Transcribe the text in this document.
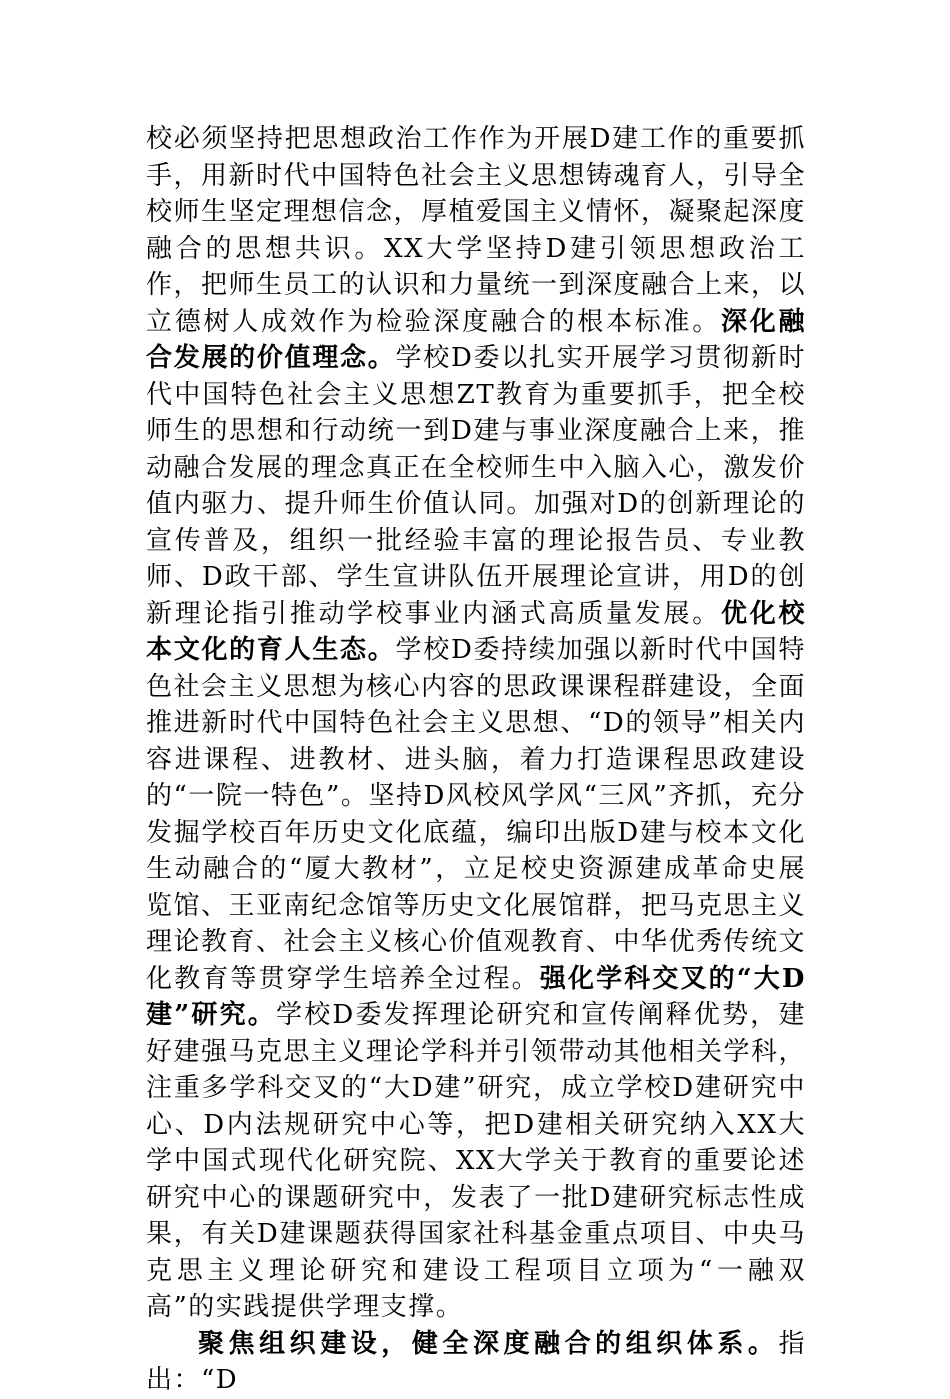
校必须坚持把思想政治工作作为开展D建工作的重要抓手，用新时代中国特色社会主义思想铸魂育人，引导全校师生坚定理想信念，厚植爱国主义情怀，凝聚起深度融合的思想共识。XX大学坚持D建引领思想政治工作，把师生员工的认识和力量统一到深度融合上来，以立德树人成效作为检验深度融合的根本标准。深化融合发展的价值理念。学校D委以扎实开展学习贯彻新时代中国特色社会主义思想ZT教育为重要抓手，把全校师生的思想和行动统一到D建与事业深度融合上来，推动融合发展的理念真正在全校师生中入脑入心，激发价值内驱力、提升师生价值认同。加强对D的创新理论的宣传普及，组织一批经验丰富的理论报告员、专业教师、D政干部、学生宣讲队伍开展理论宣讲，用D的创新理论指引推动学校事业内涵式高质量发展。优化校本文化的育人生态。学校D委持续加强以新时代中国特色社会主义思想为核心内容的思政课课程群建设，全面推进新时代中国特色社会主义思想、“D的领导”相关内容进课程、进教材、进头脑，着力打造课程思政建设的“一院一特色”。坚持D风校风学风“三风”齐抓，充分发掘学校百年历史文化底蕴，编印出版D建与校本文化生动融合的“厦大教材”，立足校史资源建成革命史展览馆、王亚南纪念馆等历史文化展馆群，把马克思主义理论教育、社会主义核心价值观教育、中华优秀传统文化教育等贯穿学生培养全过程。强化学科交叉的“大D建”研究。学校D委发挥理论研究和宣传阐释优势，建好建强马克思主义理论学科并引领带动其他相关学科，注重多学科交叉的“大D建”研究，成立学校D建研究中心、D内法规研究中心等，把D建相关研究纳入XX大学中国式现代化研究院、XX大学关于教育的重要论述研究中心的课题研究中，发表了一批D建研究标志性成果，有关D建课题获得国家社科基金重点项目、中央马克思主义理论研究和建设工程项目立项为“一融双高”的实践提供学理支撑。

聚焦组织建设，健全深度融合的组织体系。指出：“D
